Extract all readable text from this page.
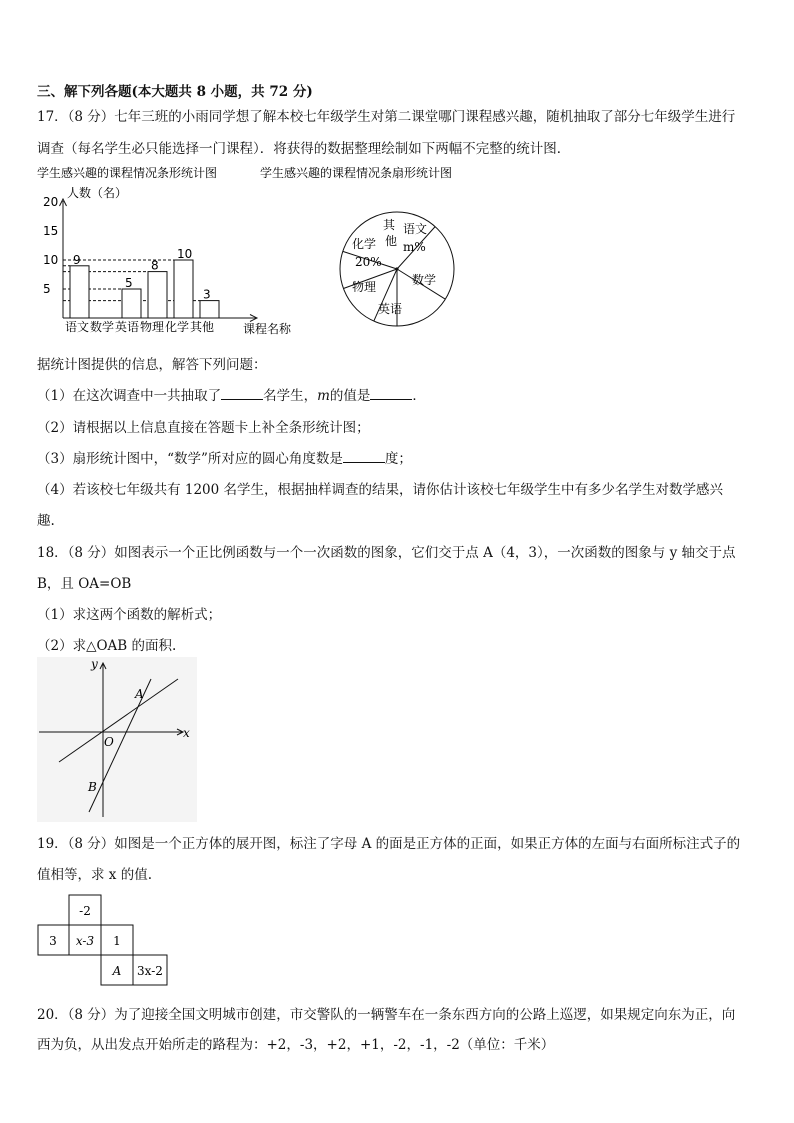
三、解下列各题(本大题共 8 小题，共 72 分)
17．（8 分）七年三班的小雨同学想了解本校七年级学生对第二课堂哪门课程感兴趣，随机抽取了部分七年级学生进行
调查（每名学生必只能选择一门课程）．将获得的数据整理绘制如下两幅不完整的统计图．
学生感兴趣的课程情况条形统计图
人数（名）
20
15
10
5
9
5
8
10
3
语文 数学 英语 物理 化学 其他 课程名称
学生感兴趣的课程情况条扇形统计图
语文
m%
数学
英语
物理
化学
20%
其
他
据统计图提供的信息，解答下列问题：
（1）在这次调查中一共抽取了	名学生，m的值是	．
（2）请根据以上信息直接在答题卡上补全条形统计图；
（3）扇形统计图中，“数学”所对应的圆心角度数是	度；
（4）若该校七年级共有 1200 名学生，根据抽样调查的结果，请你估计该校七年级学生中有多少名学生对数学感兴
趣.
18．（8 分）如图表示一个正比例函数与一个一次函数的图象，它们交于点 A（4，3），一次函数的图象与 y 轴交于点
B，且 OA=OB
（1）求这两个函数的解析式；
（2）求△OAB 的面积.
y
x
A
O
B
19．（8 分）如图是一个正方体的展开图，标注了字母 A 的面是正方体的正面，如果正方体的左面与右面所标注式子的
值相等，求 x 的值.
-2
3 x-3 1
A 3x-2
20．（8 分）为了迎接全国文明城市创建，市交警队的一辆警车在一条东西方向的公路上巡逻，如果规定向东为正，向
西为负，从出发点开始所走的路程为：+2，-3，+2，+1，-2，-1，-2（单位：千米）
